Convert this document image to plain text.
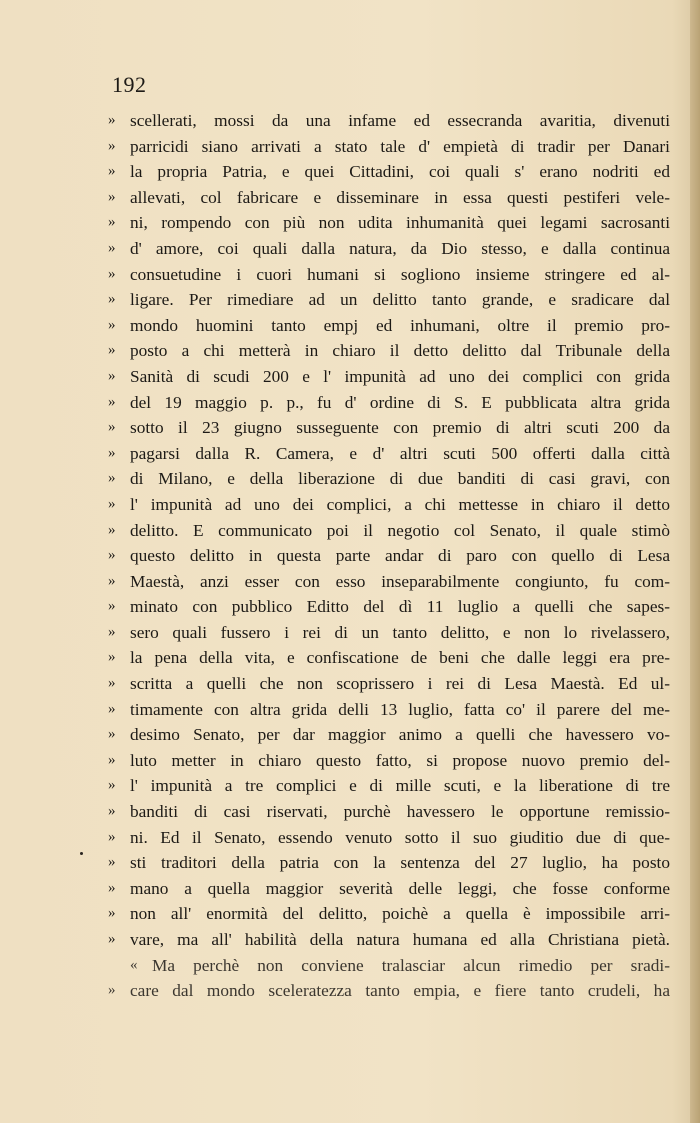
192
» scellerati, mossi da una infame ed essecranda avaritia, divenuti
» parricidi siano arrivati a stato tale d' empietà di tradir per Danari
» la propria Patria, e quei Cittadini, coi quali s' erano nodriti ed
» allevati, col fabricare e disseminare in essa questi pestiferi vele-
» ni, rompendo con più non udita inhumanità quei legami sacrosanti
» d' amore, coi quali dalla natura, da Dio stesso, e dalla continua
» consuetudine i cuori humani si sogliono insieme stringere ed al-
» ligare. Per rimediare ad un delitto tanto grande, e sradicare dal
» mondo huomini tanto empj ed inhumani, oltre il premio pro-
» posto a chi metterà in chiaro il detto delitto dal Tribunale della
» Sanità di scudi 200 e l' impunità ad uno dei complici con grida
» del 19 maggio p. p., fu d' ordine di S. E pubblicata altra grida
» sotto il 23 giugno susseguente con premio di altri scuti 200 da
» pagarsi dalla R. Camera, e d' altri scuti 500 offerti dalla città
» di Milano, e della liberazione di due banditi di casi gravi, con
» l' impunità ad uno dei complici, a chi mettesse in chiaro il detto
» delitto. E communicato poi il negotio col Senato, il quale stimò
» questo delitto in questa parte andar di paro con quello di Lesa
» Maestà, anzi esser con esso inseparabilmente congiunto, fu com-
» minato con pubblico Editto del dì 11 luglio a quelli che sapes-
» sero quali fussero i rei di un tanto delitto, e non lo rivelassero,
» la pena della vita, e confiscatione de beni che dalle leggi era pre-
» scritta a quelli che non scoprissero i rei di Lesa Maestà. Ed ul-
» timamente con altra grida delli 13 luglio, fatta co' il parere del me-
» desimo Senato, per dar maggior animo a quelli che havessero vo-
» luto metter in chiaro questo fatto, si propose nuovo premio del-
» l' impunità a tre complici e di mille scuti, e la liberatione di tre
» banditi di casi riservati, purchè havessero le opportune remissio-
» ni. Ed il Senato, essendo venuto sotto il suo giuditio due di que-
» sti traditori della patria con la sentenza del 27 luglio, ha posto
» mano a quella maggior severità delle leggi, che fosse conforme
» non all' enormità del delitto, poichè a quella è impossibile arri-
» vare, ma all' habilità della natura humana ed alla Christiana pietà.
« Ma perchè non conviene tralasciar alcun rimedio per sradi-
» care dal mondo sceleratezza tanto empia, e fiere tanto crudeli, ha
